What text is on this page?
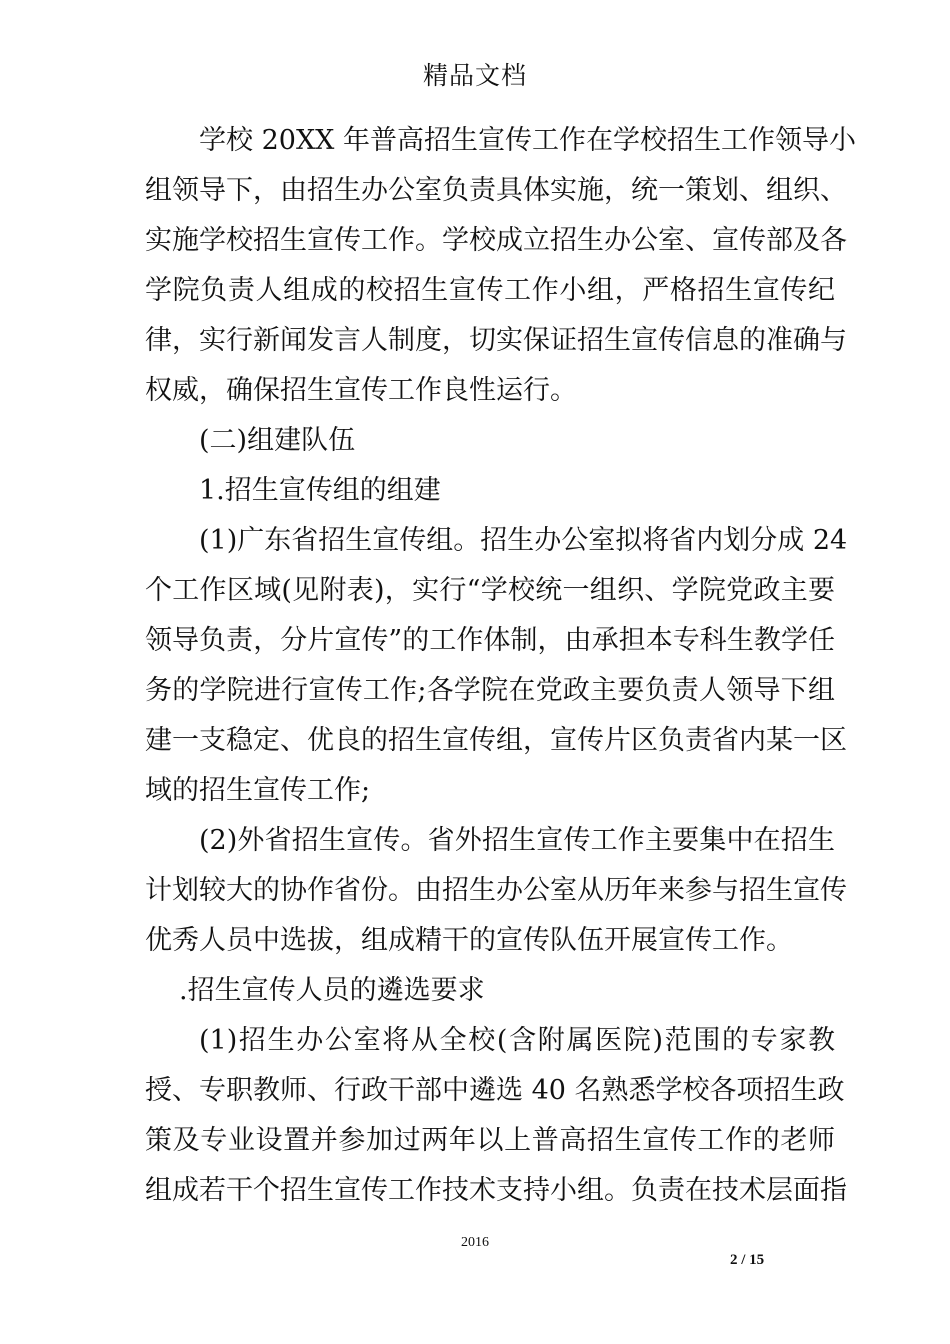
精品文档
学校 20XX 年普高招生宣传工作在学校招生工作领导小
组领导下，由招生办公室负责具体实施，统一策划、组织、
实施学校招生宣传工作。学校成立招生办公室、宣传部及各
学院负责人组成的校招生宣传工作小组，严格招生宣传纪
律，实行新闻发言人制度，切实保证招生宣传信息的准确与
权威，确保招生宣传工作良性运行。
(二)组建队伍
1.招生宣传组的组建
(1)广东省招生宣传组。招生办公室拟将省内划分成 24
个工作区域(见附表)，实行“学校统一组织、学院党政主要
领导负责，分片宣传”的工作体制，由承担本专科生教学任
务的学院进行宣传工作;各学院在党政主要负责人领导下组
建一支稳定、优良的招生宣传组，宣传片区负责省内某一区
域的招生宣传工作;
(2)外省招生宣传。省外招生宣传工作主要集中在招生
计划较大的协作省份。由招生办公室从历年来参与招生宣传
优秀人员中选拔，组成精干的宣传队伍开展宣传工作。
.招生宣传人员的遴选要求
(1)招生办公室将从全校(含附属医院)范围的专家教
授、专职教师、行政干部中遴选 40 名熟悉学校各项招生政
策及专业设置并参加过两年以上普高招生宣传工作的老师
组成若干个招生宣传工作技术支持小组。负责在技术层面指
2016
2 / 15
